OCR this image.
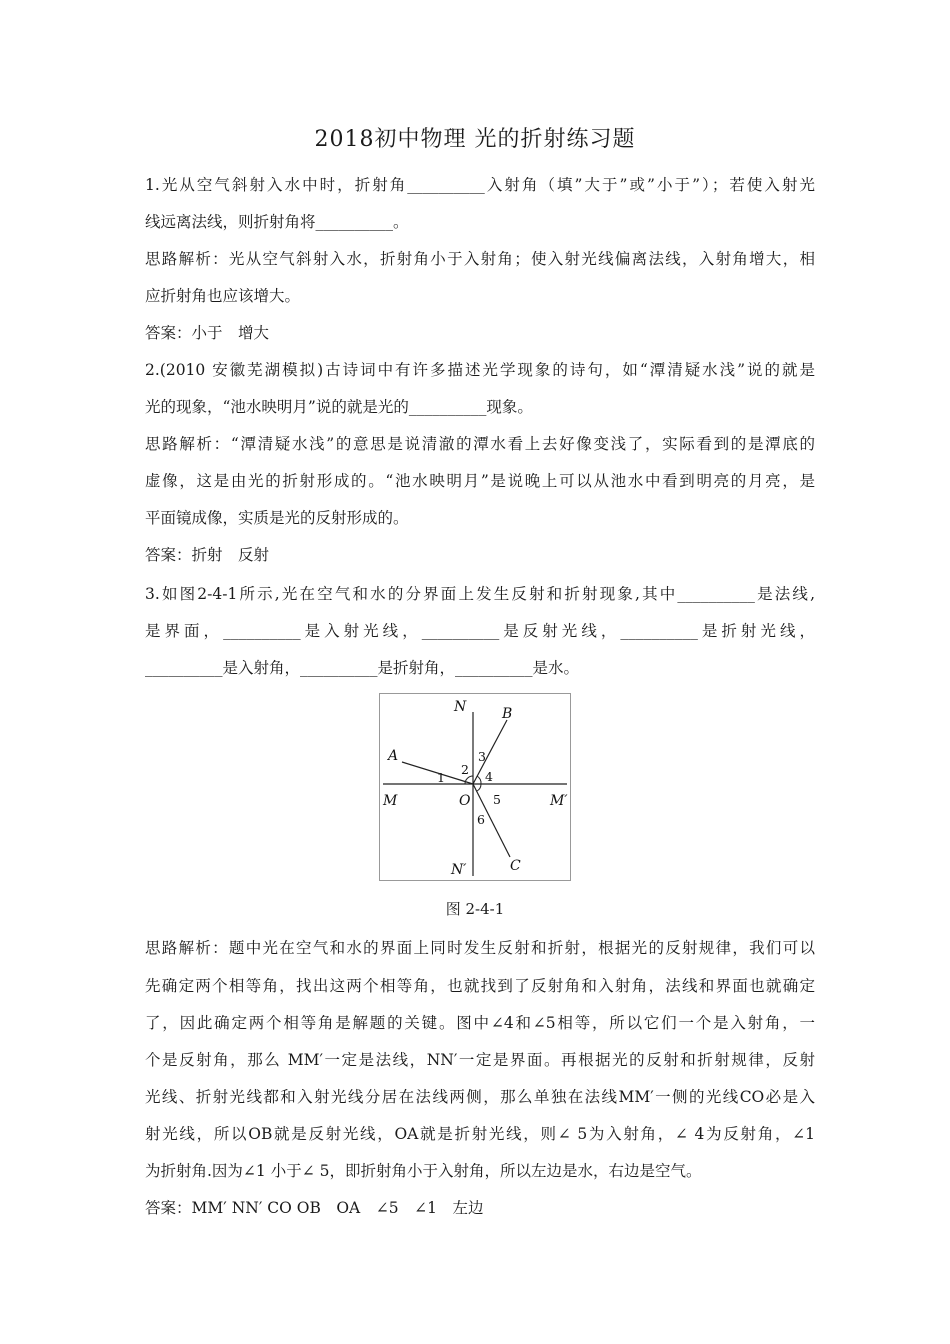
2018初中物理 光的折射练习题
1.光从空气斜射入水中时，折射角__________入射角（填”大于”或”小于”）；若使入射光
线远离法线，则折射角将__________。
思路解析：光从空气斜射入水，折射角小于入射角；使入射光线偏离法线，入射角增大，相
应折射角也应该增大。
答案：小于　增大
2.(2010 安徽芜湖模拟)古诗词中有许多描述光学现象的诗句，如“潭清疑水浅”说的就是
光的现象，“池水映明月”说的就是光的__________现象。
思路解析：“潭清疑水浅”的意思是说清澈的潭水看上去好像变浅了，实际看到的是潭底的
虚像，这是由光的折射形成的。“池水映明月”是说晚上可以从池水中看到明亮的月亮，是
平面镜成像，实质是光的反射形成的。
答案：折射　反射
3.如图2-4-1所示,光在空气和水的分界面上发生反射和折射现象,其中__________是法线,
是界面，__________是入射光线，__________是反射光线，__________是折射光线，
__________是入射角，__________是折射角，__________是水。
N	B
A
M	O	M′
N′	C
1
2
3
4
5
6
图 2-4-1
思路解析：题中光在空气和水的界面上同时发生反射和折射，根据光的反射规律，我们可以
先确定两个相等角，找出这两个相等角，也就找到了反射角和入射角，法线和界面也就确定
了，因此确定两个相等角是解题的关键。图中∠4和∠5相等，所以它们一个是入射角，一
个是反射角，那么 MM′一定是法线，NN′一定是界面。再根据光的反射和折射规律，反射
光线、折射光线都和入射光线分居在法线两侧，那么单独在法线MM′一侧的光线CO必是入
射光线，所以OB就是反射光线，OA就是折射光线，则∠ 5为入射角，∠ 4为反射角，∠1
为折射角.因为∠1 小于∠ 5，即折射角小于入射角，所以左边是水，右边是空气。
答案：MM′ NN′ CO OB　OA　∠5　∠1　左边
